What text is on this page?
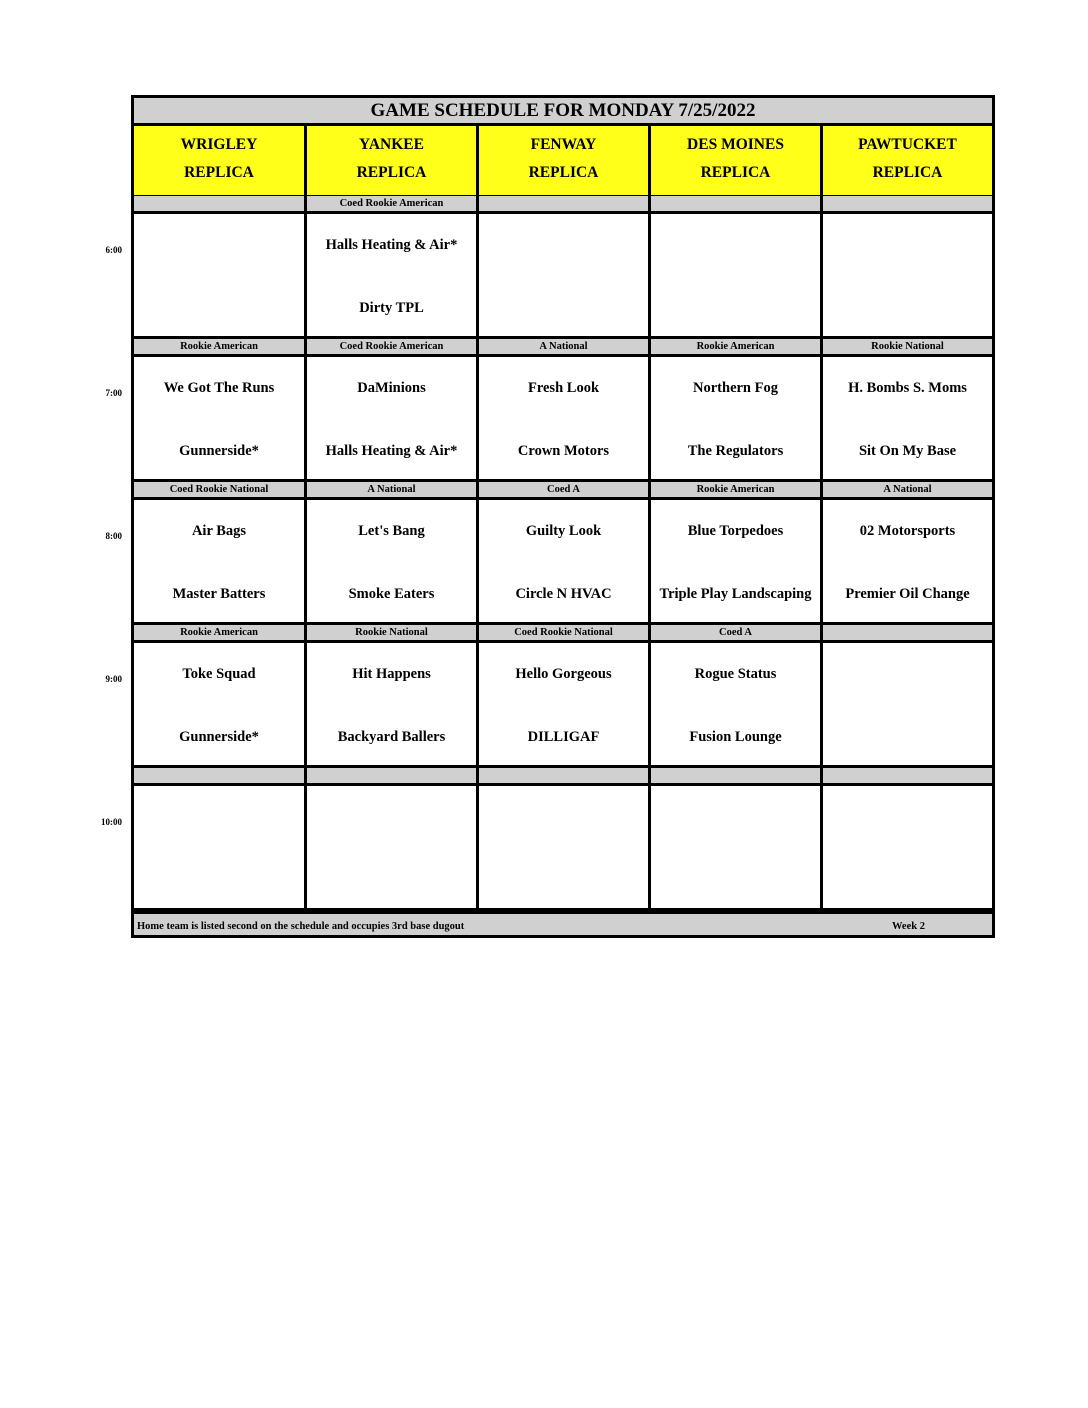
6:00
7:00
8:00
9:00
10:00
GAME SCHEDULE FOR MONDAY 7/25/2022
WRIGLEY
REPLICA
YANKEE
REPLICA
FENWAY
REPLICA
DES MOINES
REPLICA
PAWTUCKET
REPLICA
Coed Rookie American
Halls Heating & Air*
Dirty TPL
Rookie American
We Got The Runs
Gunnerside*
Coed Rookie American
DaMinions
Halls Heating & Air*
A National
Fresh Look
Crown Motors
Rookie American
Northern Fog
The Regulators
Rookie National
H. Bombs S. Moms
Sit On My Base
Coed Rookie National
Air Bags
Master Batters
A National
Let's Bang
Smoke Eaters
Coed A
Guilty Look
Circle N HVAC
Rookie American
Blue Torpedoes
Triple Play Landscaping
A National
02 Motorsports
Premier Oil Change
Rookie American
Toke Squad
Gunnerside*
Rookie National
Hit Happens
Backyard Ballers
Coed Rookie National
Hello Gorgeous
DILLIGAF
Coed A
Rogue Status
Fusion Lounge
Home team is listed second on the schedule and occupies 3rd base dugout	Week 2
